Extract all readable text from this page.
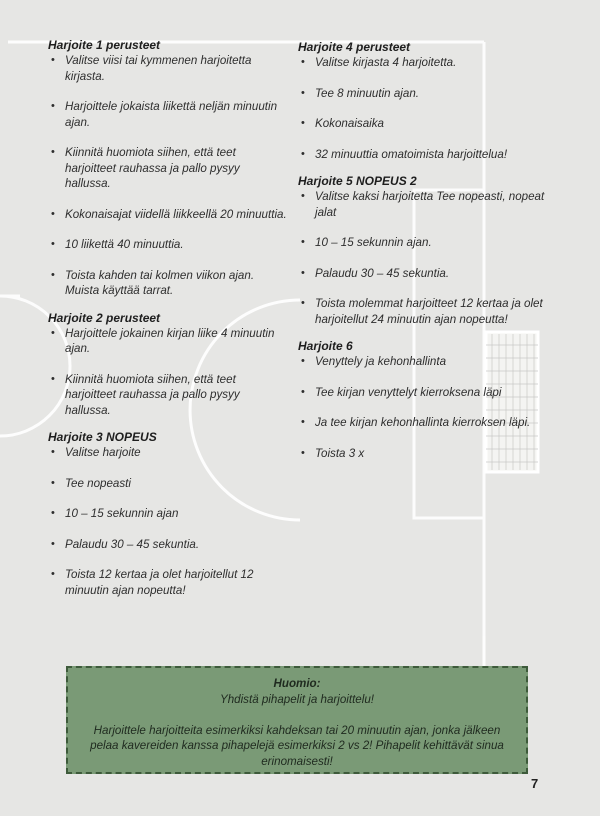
Harjoite 1 perusteet
• Valitse viisi tai kymmenen harjoitetta kirjasta.
• Harjoittele jokaista liikettä neljän minuutin ajan.
• Kiinnitä huomiota siihen, että teet harjoitteet rauhassa ja pallo pysyy hallussa.
• Kokonaisajat viidellä liikkeellä 20 minuuttia.
• 10 liikettä 40 minuuttia.
• Toista kahden tai kolmen viikon ajan. Muista käyttää tarrat.
Harjoite 2 perusteet
• Harjoittele jokainen kirjan liike 4 minuutin ajan.
• Kiinnitä huomiota siihen, että teet harjoitteet rauhassa ja pallo pysyy hallussa.
Harjoite 3 NOPEUS
• Valitse harjoite
• Tee nopeasti
• 10 – 15 sekunnin ajan
• Palaudu 30 – 45 sekuntia.
• Toista 12 kertaa ja olet harjoitellut 12 minuutin ajan nopeutta!
Harjoite 4 perusteet
• Valitse kirjasta 4 harjoitetta.
• Tee 8 minuutin ajan.
• Kokonaisaika
• 32 minuuttia omatoimista harjoittelua!
Harjoite 5 NOPEUS 2
• Valitse kaksi harjoitetta Tee nopeasti, nopeat jalat
• 10 – 15 sekunnin ajan.
• Palaudu 30 – 45 sekuntia.
• Toista molemmat harjoitteet 12 kertaa ja olet harjoitellut 24 minuutin ajan nopeutta!
Harjoite 6
• Venyttely ja kehonhallinta
• Tee kirjan venyttelyt kierroksena läpi
• Ja tee kirjan kehonhallinta kierroksen läpi.
• Toista 3 x

Huomio:

Yhdistä pihapelit ja harjoittelu!

Harjoittele harjoitteita esimerkiksi kahdeksan tai 20 minuutin ajan, jonka jälkeen pelaa kavereiden kanssa pihapelejä esimerkiksi 2 vs 2! Pihapelit kehittävät sinua erinomaisesti!

7
